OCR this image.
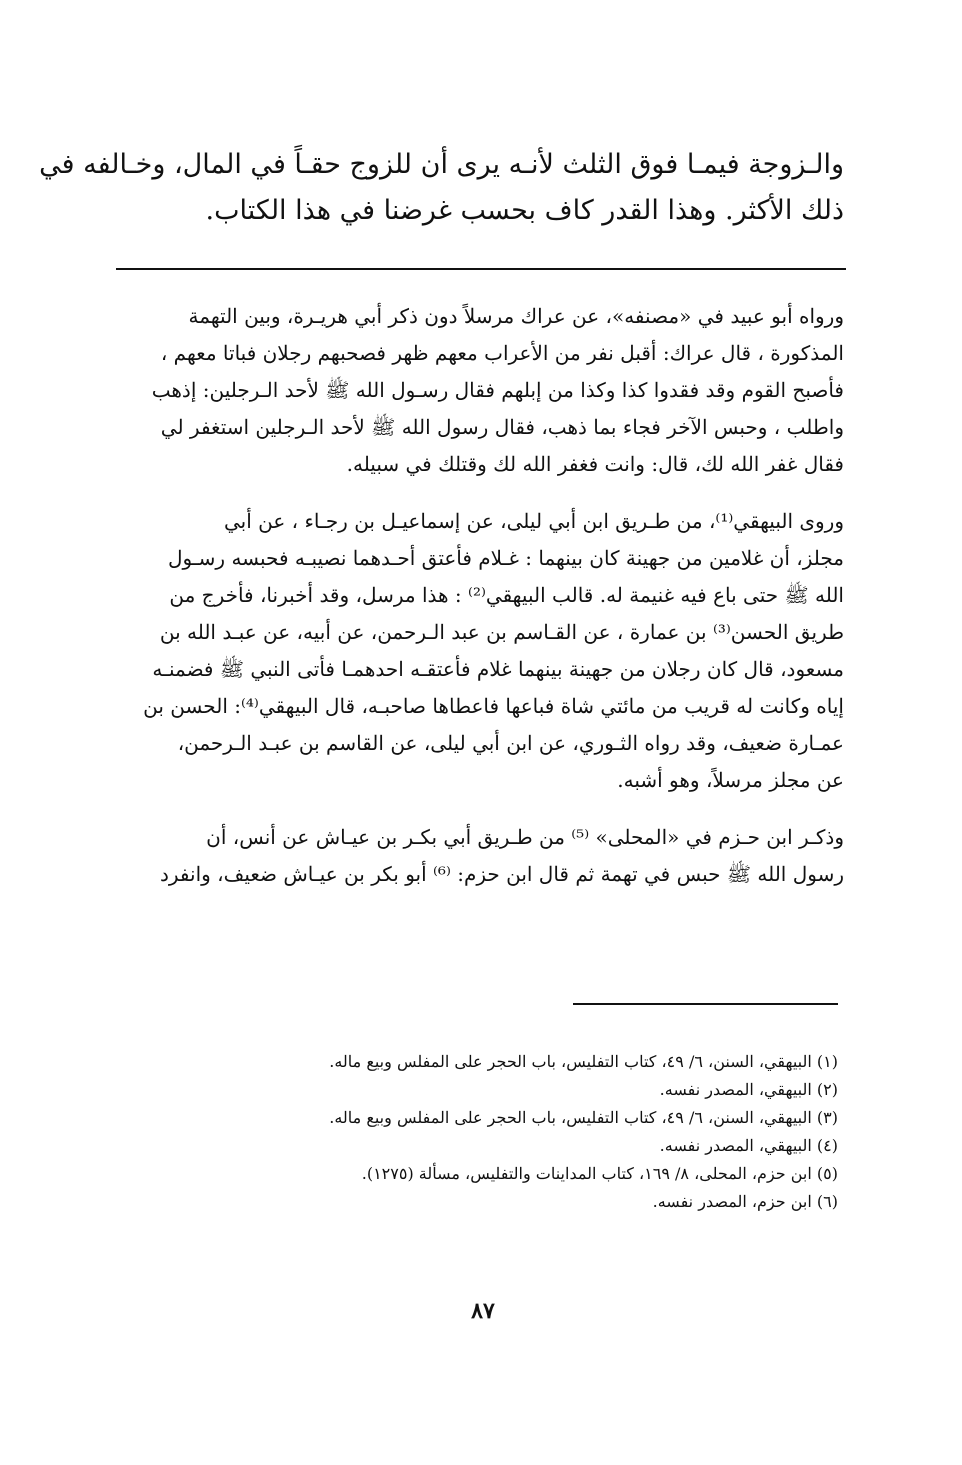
والـزوجة فيمـا فوق الثلث لأنـه يرى أن للزوج حقـاً في المال، وخـالفه في
ذلك الأكثر. وهذا القدر كاف بحسب غرضنا في هذا الكتاب.
ورواه أبو عبيد في «مصنفه»، عن عراك مرسلاً دون ذكر أبي هريـرة، وبين التهمة
المذكورة ، قال عراك: أقبل نفر من الأعراب معهم ظهر فصحبهم رجلان فباتا معهم ،
فأصبح القوم وقد فقدوا كذا وكذا من إبلهم فقال رسـول الله ﷺ لأحد الـرجلين: إذهب
واطلب ، وحبس الآخر فجاء بما ذهب، فقال رسول الله ﷺ لأحد الـرجلين استغفر لي
فقال غفر الله لك، قال: وانت فغفر الله لك وقتلك في سبيله.
وروى البيهقي⁽¹⁾، من طـريق ابن أبي ليلى، عن إسماعيـل بن رجـاء ، عن أبي
مجلز، أن غلامين من جهينة كان بينهما : غـلام فأعتق أحـدهما نصيبـه فحبسه رسـول
الله ﷺ حتى باع فيه غنيمة له. قالب البيهقي⁽²⁾ : هذا مرسل، وقد أخبرنا، فأخرج من
طريق الحسن⁽³⁾ بن عمارة ، عن القـاسم بن عبد الـرحمن، عن أبيه، عن عبـد الله بن
مسعود، قال كان رجلان من جهينة بينهما غلام فأعتقـه احدهمـا فأتى النبي ﷺ فضمنـه
إياه وكانت له قريب من مائتي شاة فباعها فاعطاها صاحبـه، قال البيهقي⁽⁴⁾: الحسن بن
عمـارة ضعيف، وقد رواه الثـوري، عن ابن أبي ليلى، عن القاسم بن عبـد الـرحمن،
عن مجلز مرسلاً، وهو أشبه.
وذكـر ابن حـزم في «المحلى» ⁽⁵⁾ من طـريق أبي بكـر بن عيـاش عن أنس، أن
رسول الله ﷺ حبس في تهمة ثم قال ابن حزم: ⁽⁶⁾ أبو بكر بن عيـاش ضعيف، وانفرد
(١) البيهقي، السنن، ٦/ ٤٩، كتاب التفليس، باب الحجر على المفلس وبيع ماله.
(٢) البيهقي، المصدر نفسه.
(٣) البيهقي، السنن، ٦/ ٤٩، كتاب التفليس، باب الحجر على المفلس وبيع ماله.
(٤) البيهقي، المصدر نفسه.
(٥) ابن حزم، المحلى، ٨/ ١٦٩، كتاب المداينات والتفليس، مسألة (١٢٧٥).
(٦) ابن حزم، المصدر نفسه.
٨٧
